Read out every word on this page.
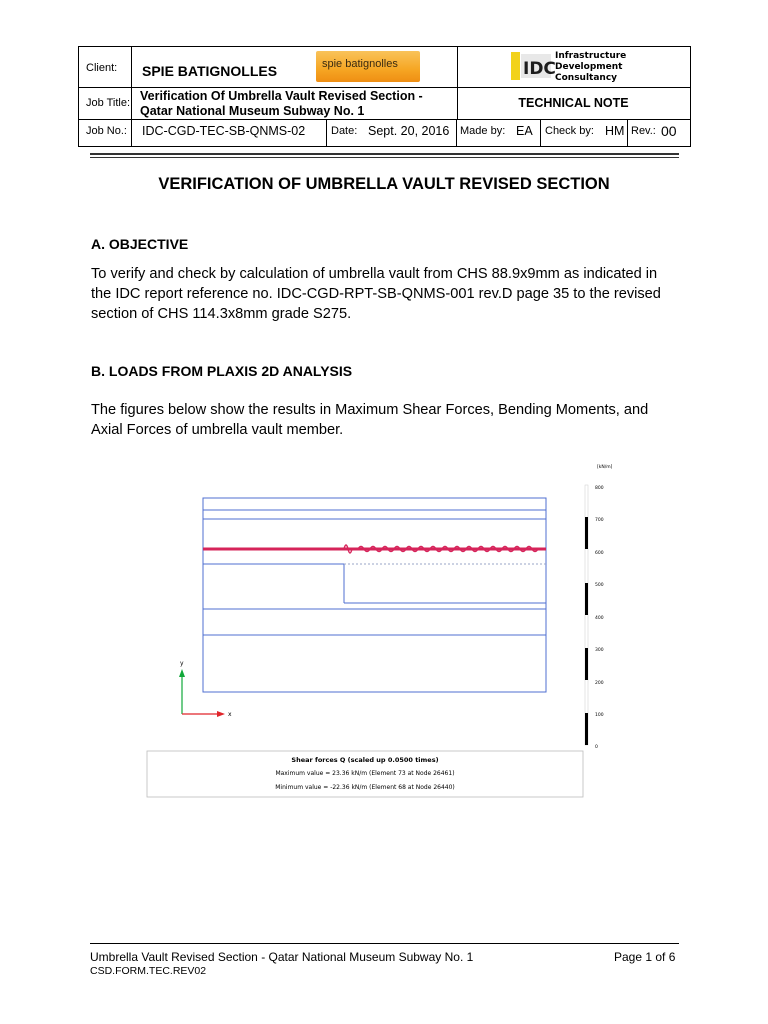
Client: SPIE BATIGNOLLES	spie batignolles	IDC
Infrastructure
Development
Consultancy
Job Title: Verification Of Umbrella Vault Revised Section -
Qatar National Museum Subway No. 1
TECHNICAL NOTE
Job No.: IDC-CGD-TEC-SB-QNMS-02 Date: Sept. 20, 2016 Made by: EA Check by: HM Rev.: 00
VERIFICATION OF UMBRELLA VAULT REVISED SECTION
A. OBJECTIVE
To verify and check by calculation of umbrella vault from CHS 88.9x9mm as indicated in
the IDC report reference no. IDC-CGD-RPT-SB-QNMS-001 rev.D page 35 to the revised
section of CHS 114.3x8mm grade S275.
B. LOADS FROM PLAXIS 2D ANALYSIS
The figures below show the results in Maximum Shear Forces, Bending Moments, and
Axial Forces of umbrella vault member.
y
x
[kN/m]
800
700
600
500
400
300
200
100
0
Shear forces Q (scaled up 0.0500 times)
Maximum value = 23.36 kN/m (Element 73 at Node 26461)
Minimum value = -22.36 kN/m (Element 68 at Node 26440)
Umbrella Vault Revised Section - Qatar National Museum Subway No. 1	Page 1 of 6
CSD.FORM.TEC.REV02
